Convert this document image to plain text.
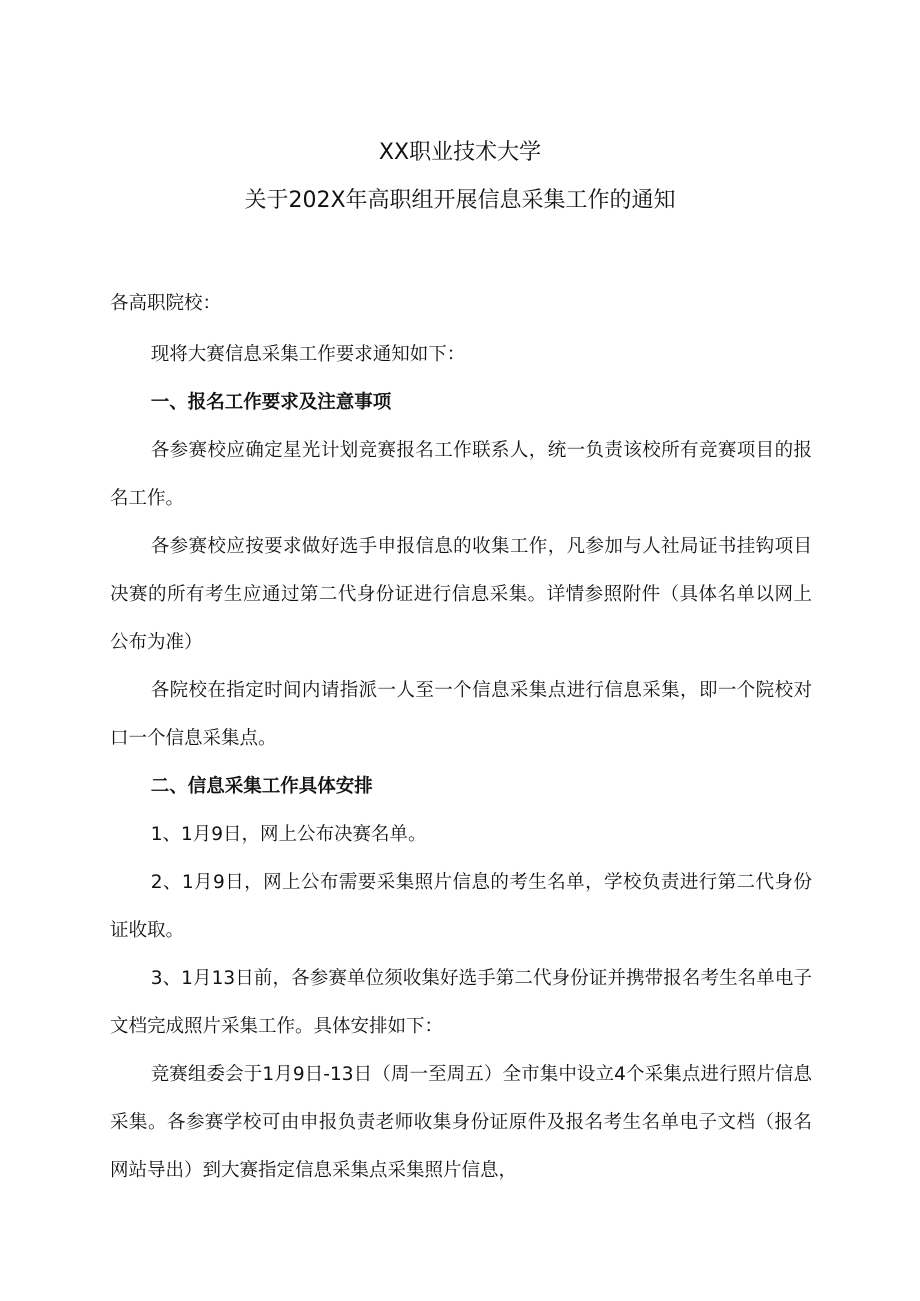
XX职业技术大学
关于202X年高职组开展信息采集工作的通知

各高职院校：

现将大赛信息采集工作要求通知如下：

一、报名工作要求及注意事项

各参赛校应确定星光计划竞赛报名工作联系人，统一负责该校所有竞赛项目的报名工作。

各参赛校应按要求做好选手申报信息的收集工作，凡参加与人社局证书挂钩项目决赛的所有考生应通过第二代身份证进行信息采集。详情参照附件（具体名单以网上公布为准）

各院校在指定时间内请指派一人至一个信息采集点进行信息采集，即一个院校对口一个信息采集点。

二、信息采集工作具体安排

1、1月9日，网上公布决赛名单。

2、1月9日，网上公布需要采集照片信息的考生名单，学校负责进行第二代身份证收取。

3、1月13日前，各参赛单位须收集好选手第二代身份证并携带报名考生名单电子文档完成照片采集工作。具体安排如下：

竞赛组委会于1月9日-13日（周一至周五）全市集中设立4个采集点进行照片信息采集。各参赛学校可由申报负责老师收集身份证原件及报名考生名单电子文档（报名网站导出）到大赛指定信息采集点采集照片信息，
